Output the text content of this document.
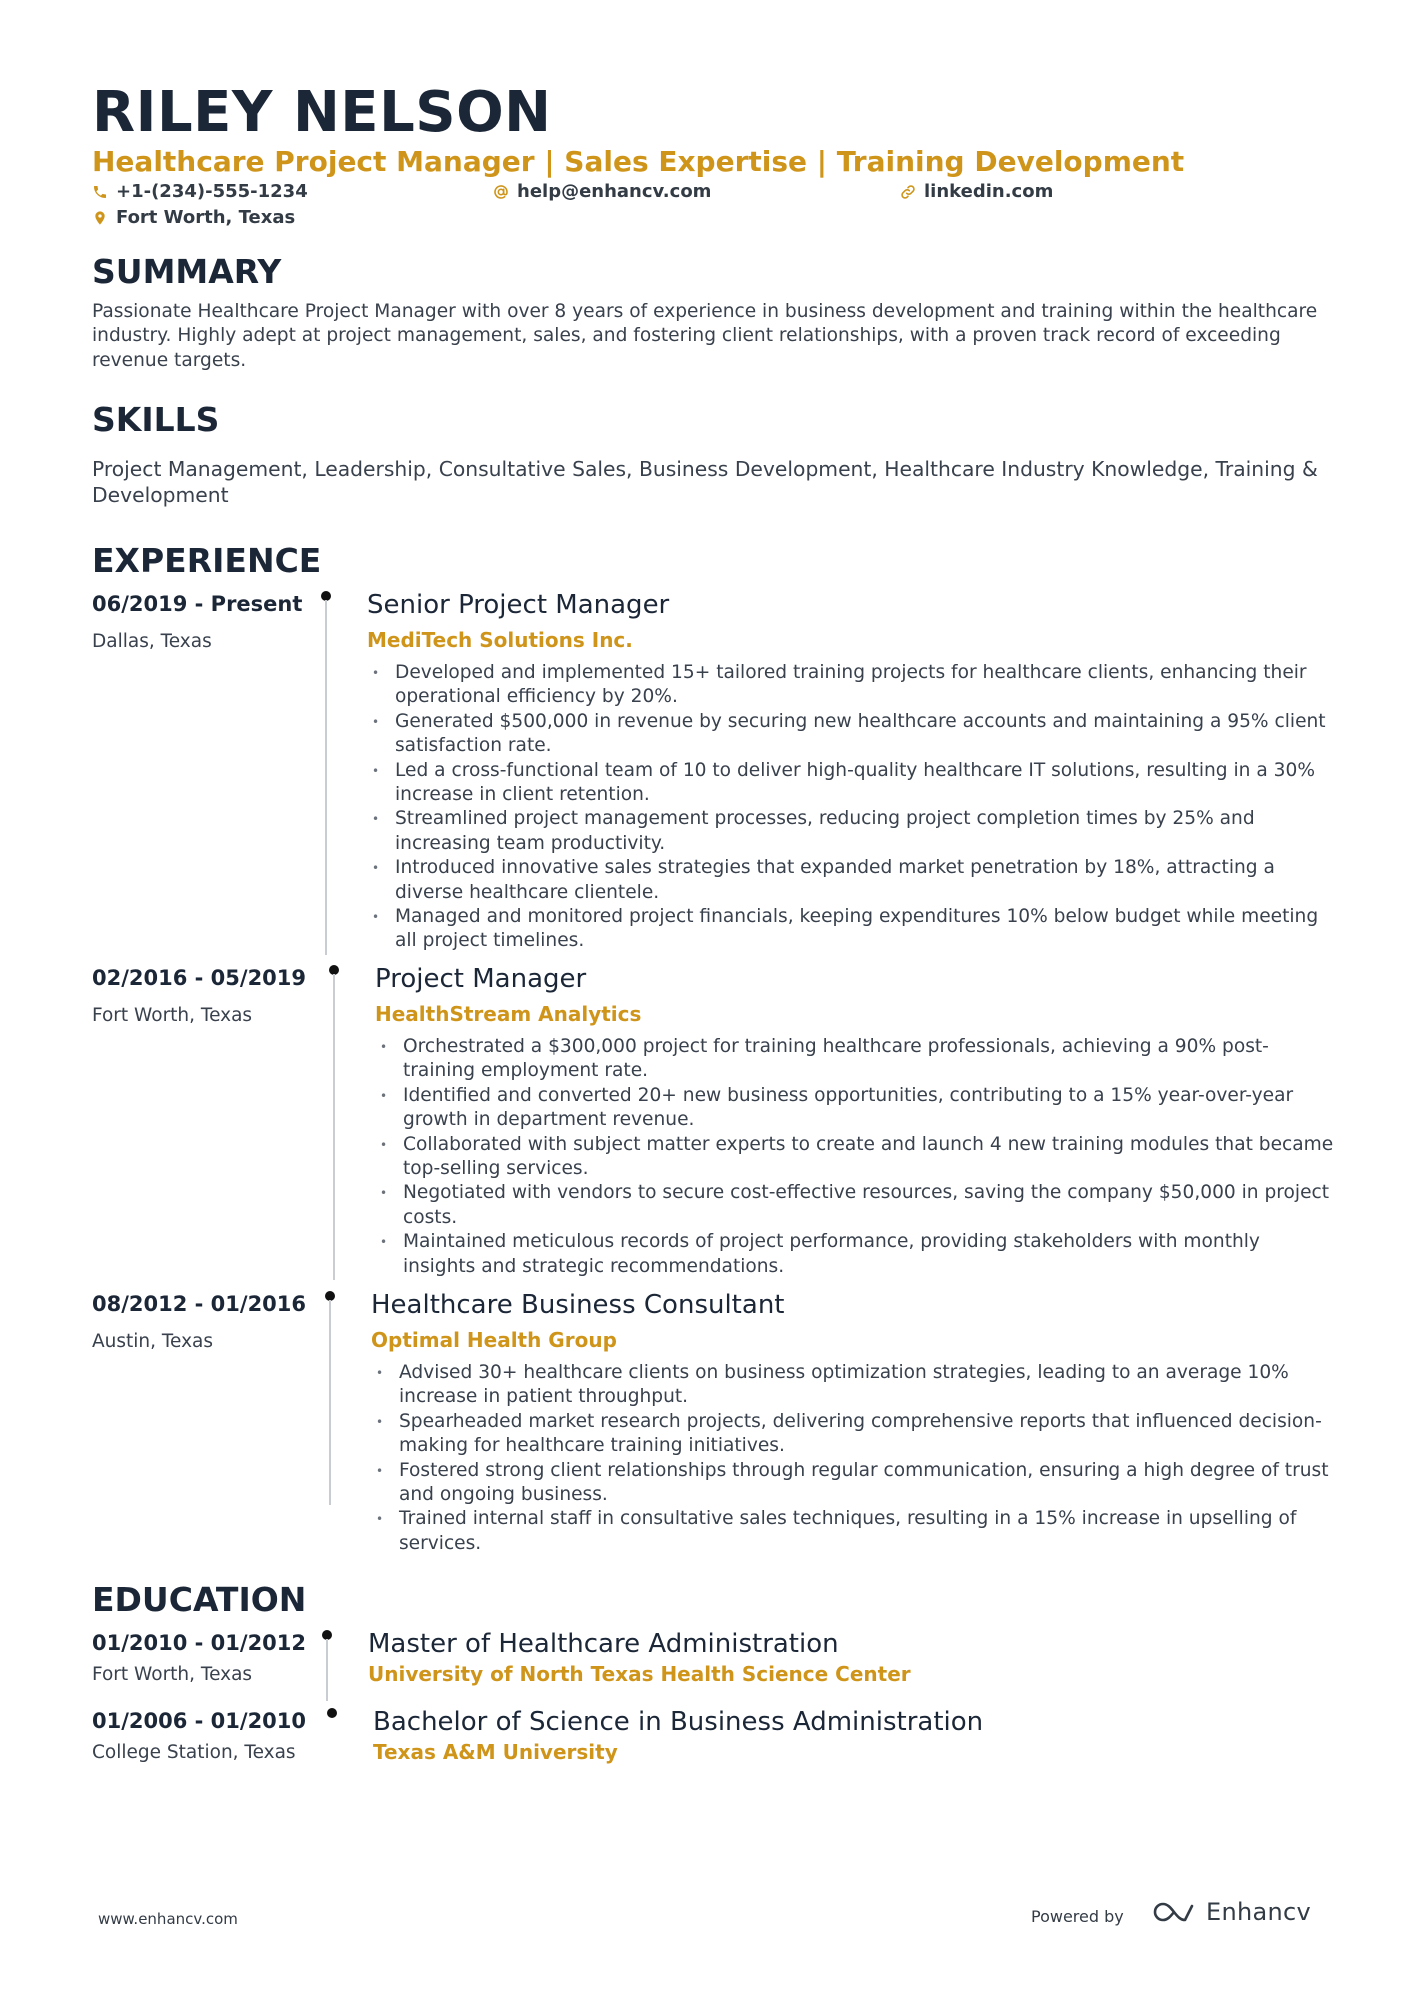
RILEY NELSON
Healthcare Project Manager | Sales Expertise | Training Development
+1-(234)-555-1234	help@enhancv.com	linkedin.com
Fort Worth, Texas
SUMMARY

Passionate Healthcare Project Manager with over 8 years of experience in business development and training within the healthcare industry. Highly adept at project management, sales, and fostering client relationships, with a proven track record of exceeding revenue targets.

SKILLS

Project Management, Leadership, Consultative Sales, Business Development, Healthcare Industry Knowledge, Training & Development

EXPERIENCE
06/2019 - Present
Dallas, Texas
Senior Project Manager
MediTech Solutions Inc.
• Developed and implemented 15+ tailored training projects for healthcare clients, enhancing their operational efficiency by 20%.
• Generated $500,000 in revenue by securing new healthcare accounts and maintaining a 95% client satisfaction rate.
• Led a cross-functional team of 10 to deliver high-quality healthcare IT solutions, resulting in a 30% increase in client retention.
• Streamlined project management processes, reducing project completion times by 25% and increasing team productivity.
• Introduced innovative sales strategies that expanded market penetration by 18%, attracting a diverse healthcare clientele.
• Managed and monitored project financials, keeping expenditures 10% below budget while meeting all project timelines.
02/2016 - 05/2019
Fort Worth, Texas
Project Manager
HealthStream Analytics
• Orchestrated a $300,000 project for training healthcare professionals, achieving a 90% post-training employment rate.
• Identified and converted 20+ new business opportunities, contributing to a 15% year-over-year growth in department revenue.
• Collaborated with subject matter experts to create and launch 4 new training modules that became top-selling services.
• Negotiated with vendors to secure cost-effective resources, saving the company $50,000 in project costs.
• Maintained meticulous records of project performance, providing stakeholders with monthly insights and strategic recommendations.
08/2012 - 01/2016
Austin, Texas
Healthcare Business Consultant
Optimal Health Group
• Advised 30+ healthcare clients on business optimization strategies, leading to an average 10% increase in patient throughput.
• Spearheaded market research projects, delivering comprehensive reports that influenced decision-making for healthcare training initiatives.
• Fostered strong client relationships through regular communication, ensuring a high degree of trust and ongoing business.
• Trained internal staff in consultative sales techniques, resulting in a 15% increase in upselling of services.
EDUCATION
01/2010 - 01/2012
Fort Worth, Texas
Master of Healthcare Administration
University of North Texas Health Science Center
01/2006 - 01/2010
College Station, Texas
Bachelor of Science in Business Administration
Texas A&M University
www.enhancv.com	Powered by	Enhancv
